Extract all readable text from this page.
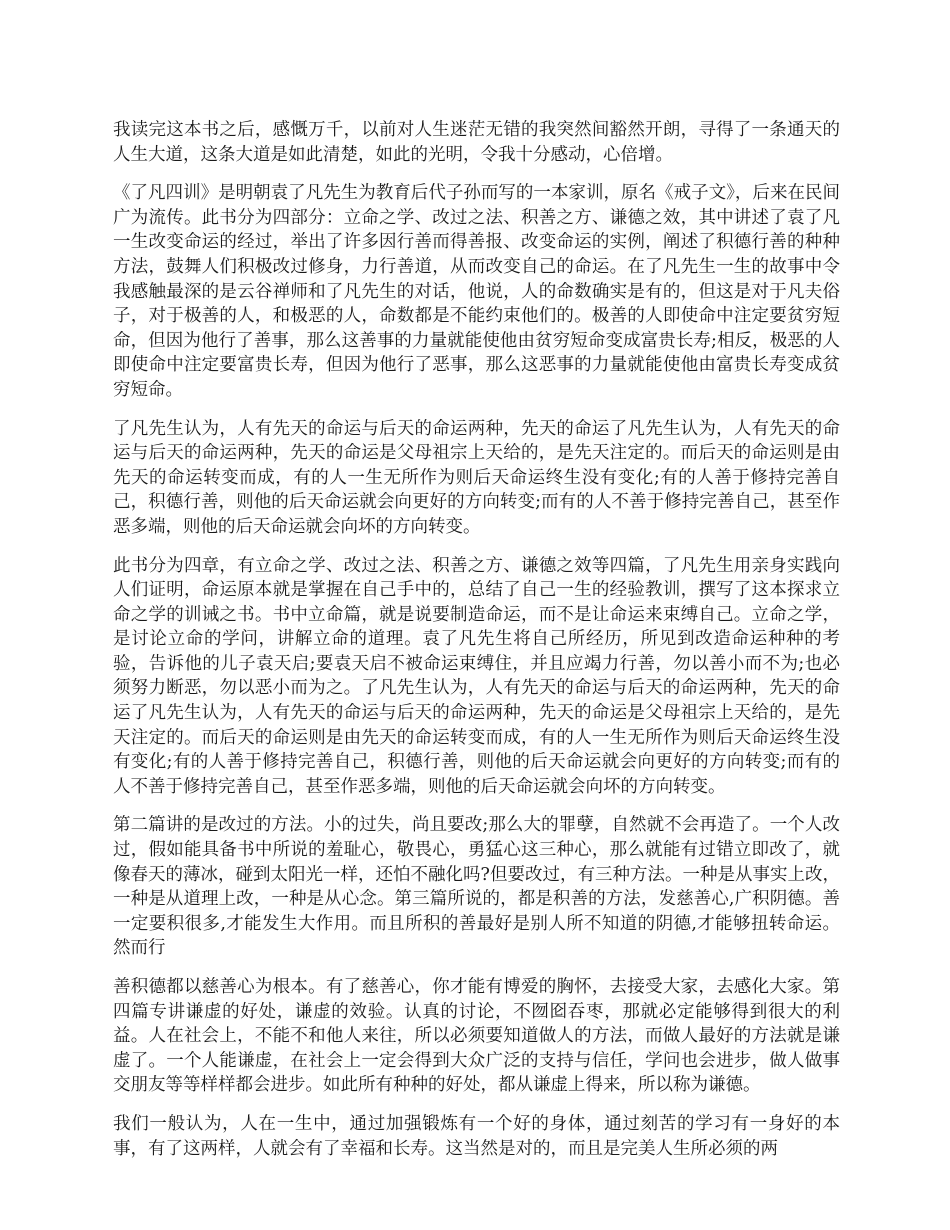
我读完这本书之后，感慨万千，以前对人生迷茫无错的我突然间豁然开朗，寻得了一条通天的人生大道，这条大道是如此清楚，如此的光明，令我十分感动，心倍增。

《了凡四训》是明朝袁了凡先生为教育后代子孙而写的一本家训，原名《戒子文》，后来在民间广为流传。此书分为四部分：立命之学、改过之法、积善之方、谦德之效，其中讲述了袁了凡一生改变命运的经过，举出了许多因行善而得善报、改变命运的实例，阐述了积德行善的种种方法，鼓舞人们积极改过修身，力行善道，从而改变自己的命运。在了凡先生一生的故事中令我感触最深的是云谷禅师和了凡先生的对话，他说，人的命数确实是有的，但这是对于凡夫俗子，对于极善的人，和极恶的人，命数都是不能约束他们的。极善的人即使命中注定要贫穷短命，但因为他行了善事，那么这善事的力量就能使他由贫穷短命变成富贵长寿;相反，极恶的人即使命中注定要富贵长寿，但因为他行了恶事，那么这恶事的力量就能使他由富贵长寿变成贫穷短命。

了凡先生认为，人有先天的命运与后天的命运两种，先天的命运了凡先生认为，人有先天的命运与后天的命运两种，先天的命运是父母祖宗上天给的，是先天注定的。而后天的命运则是由先天的命运转变而成，有的人一生无所作为则后天命运终生没有变化;有的人善于修持完善自己，积德行善，则他的后天命运就会向更好的方向转变;而有的人不善于修持完善自己，甚至作恶多端，则他的后天命运就会向坏的方向转变。

此书分为四章，有立命之学、改过之法、积善之方、谦德之效等四篇，了凡先生用亲身实践向人们证明，命运原本就是掌握在自己手中的，总结了自己一生的经验教训，撰写了这本探求立命之学的训诫之书。书中立命篇，就是说要制造命运，而不是让命运来束缚自己。立命之学，是讨论立命的学问，讲解立命的道理。袁了凡先生将自己所经历，所见到改造命运种种的考验，告诉他的儿子袁天启;要袁天启不被命运束缚住，并且应竭力行善，勿以善小而不为;也必须努力断恶，勿以恶小而为之。了凡先生认为，人有先天的命运与后天的命运两种，先天的命运了凡先生认为，人有先天的命运与后天的命运两种，先天的命运是父母祖宗上天给的，是先天注定的。而后天的命运则是由先天的命运转变而成，有的人一生无所作为则后天命运终生没有变化;有的人善于修持完善自己，积德行善，则他的后天命运就会向更好的方向转变;而有的人不善于修持完善自己，甚至作恶多端，则他的后天命运就会向坏的方向转变。

第二篇讲的是改过的方法。小的过失，尚且要改;那么大的罪孽，自然就不会再造了。一个人改过，假如能具备书中所说的羞耻心，敬畏心，勇猛心这三种心，那么就能有过错立即改了，就像春天的薄冰，碰到太阳光一样，还怕不融化吗?但要改过，有三种方法。一种是从事实上改，一种是从道理上改，一种是从心念。第三篇所说的，都是积善的方法，发慈善心,广积阴德。善一定要积很多,才能发生大作用。而且所积的善最好是别人所不知道的阴德,才能够扭转命运。然而行

善积德都以慈善心为根本。有了慈善心，你才能有博爱的胸怀，去接受大家，去感化大家。第四篇专讲谦虚的好处，谦虚的效验。认真的讨论，不囫囵吞枣，那就必定能够得到很大的利益。人在社会上，不能不和他人来往，所以必须要知道做人的方法，而做人最好的方法就是谦虚了。一个人能谦虚，在社会上一定会得到大众广泛的支持与信任，学问也会进步，做人做事交朋友等等样样都会进步。如此所有种种的好处，都从谦虚上得来，所以称为谦德。

我们一般认为，人在一生中，通过加强锻炼有一个好的身体，通过刻苦的学习有一身好的本事，有了这两样，人就会有了幸福和长寿。这当然是对的，而且是完美人生所必须的两
